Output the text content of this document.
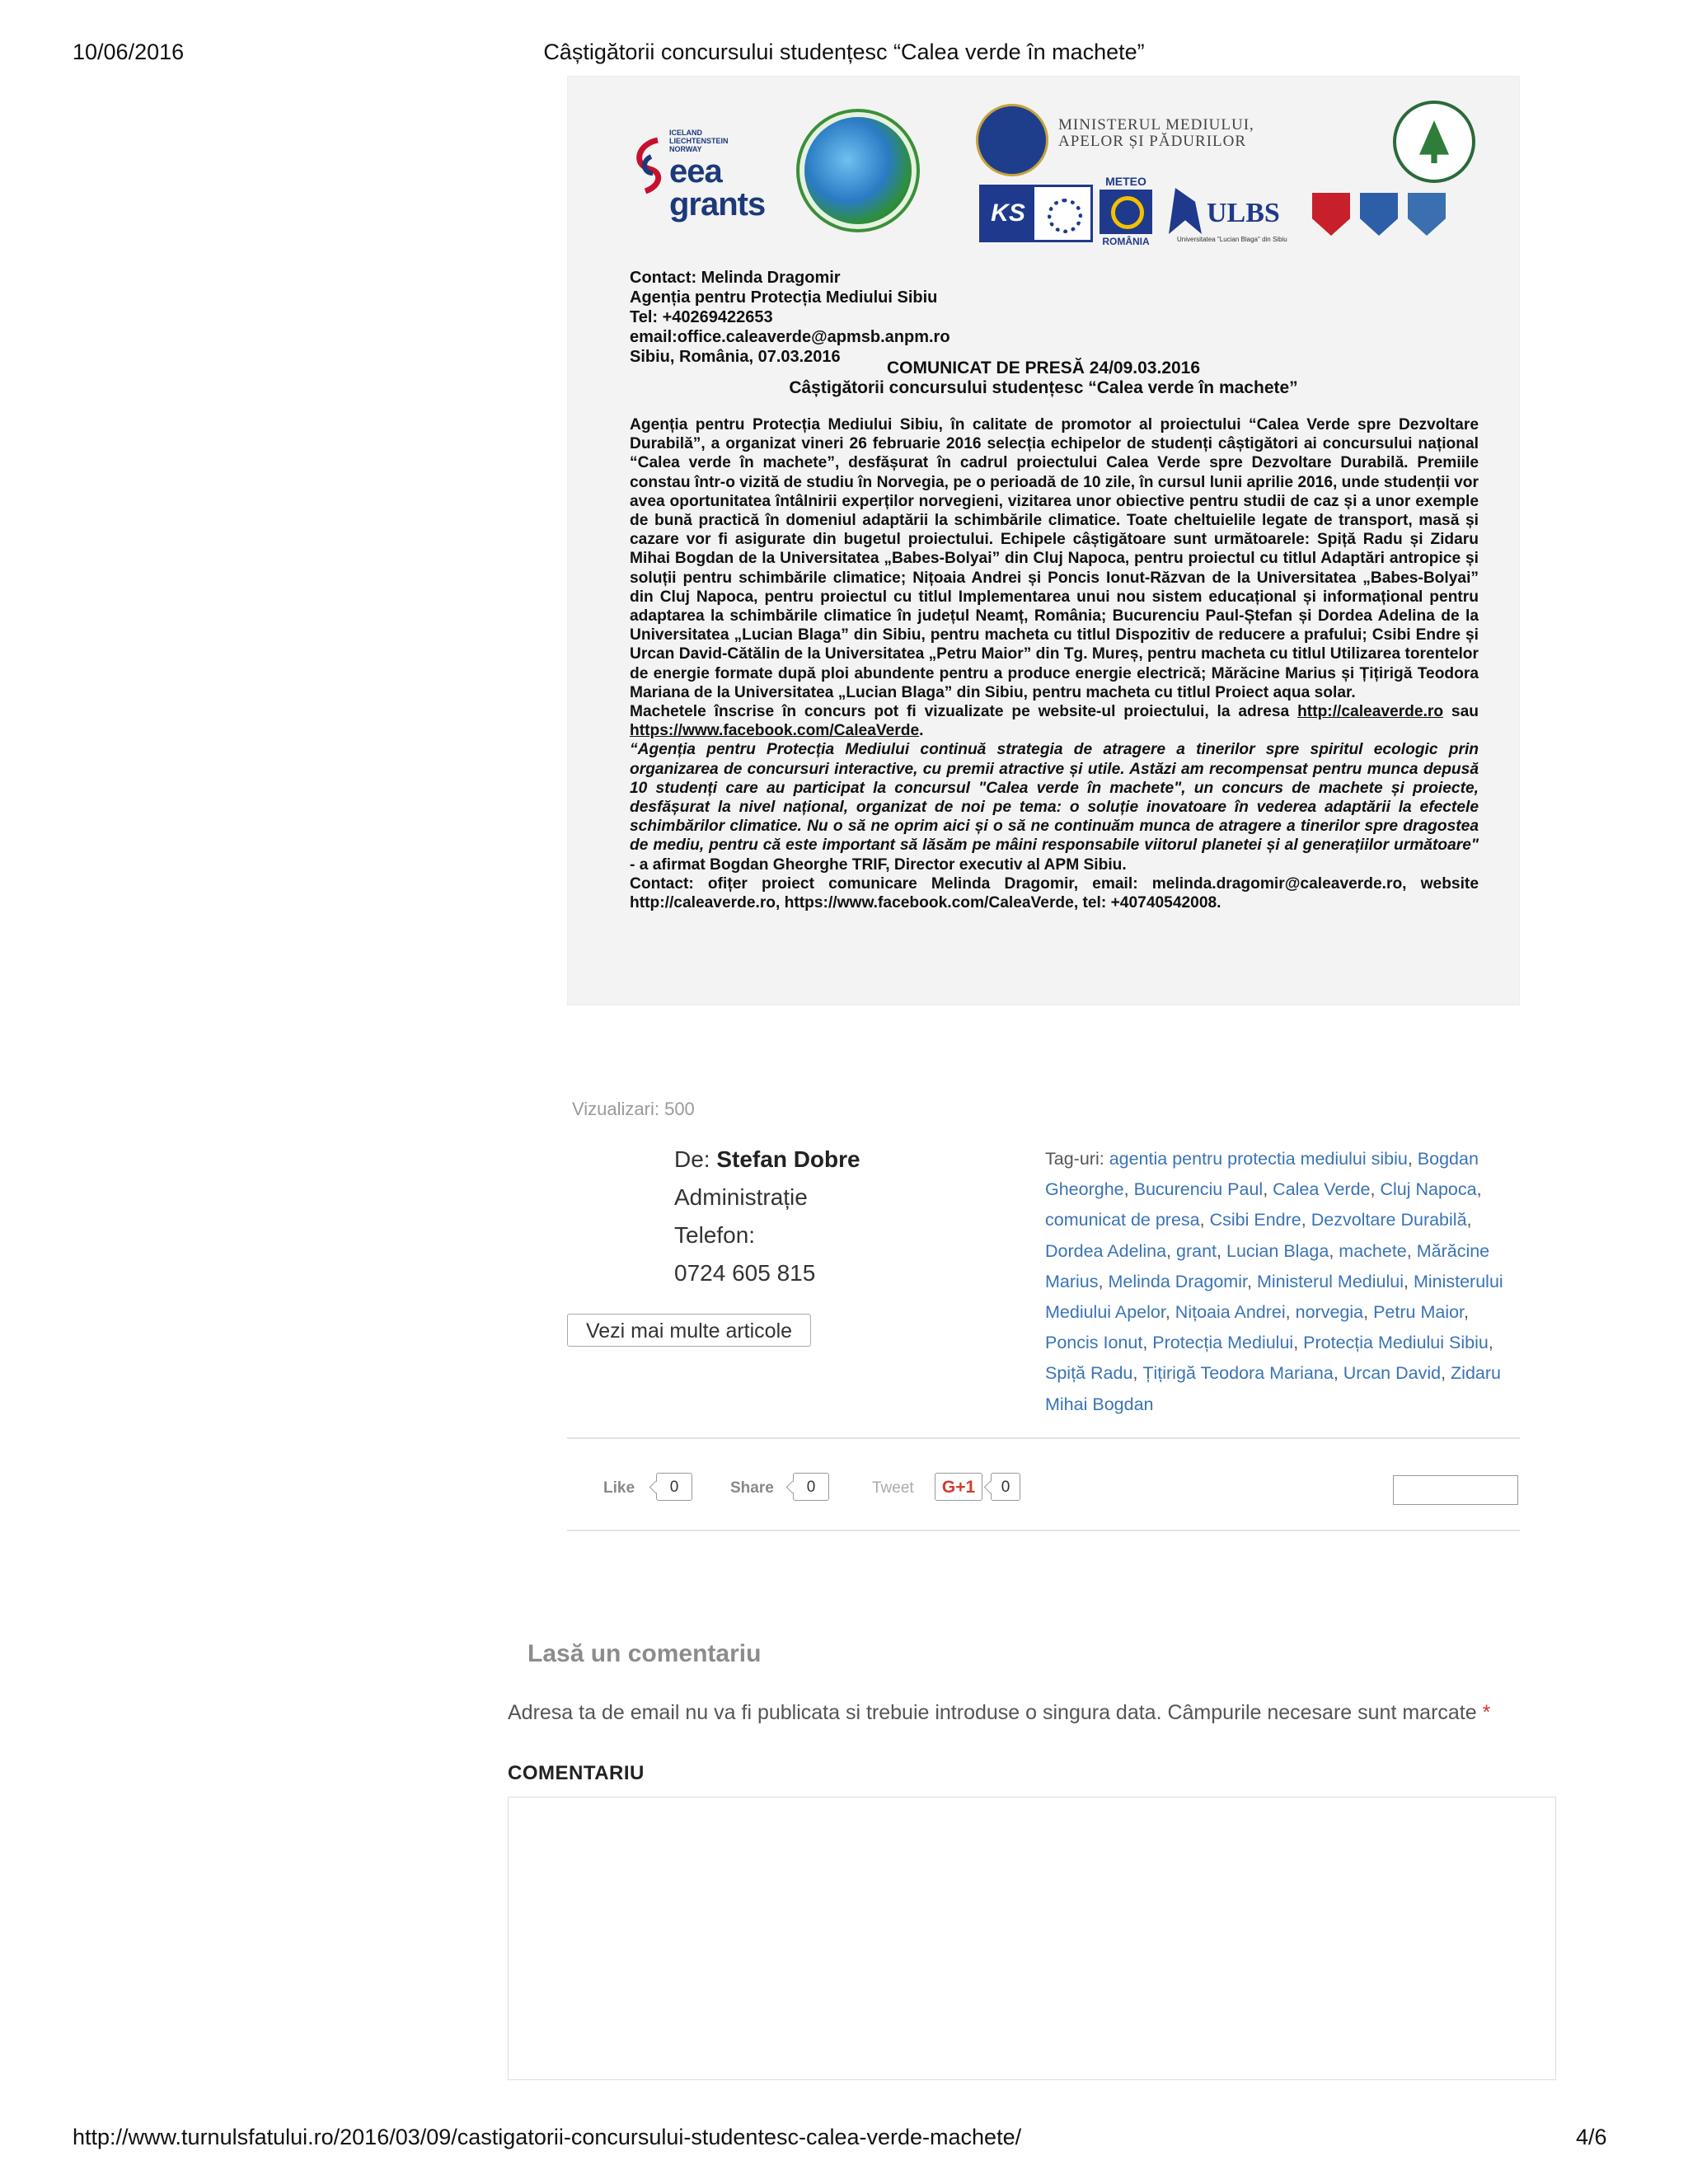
10/06/2016	Câștigătorii concursului studențesc “Calea verde în machete”
ICELAND
LIECHTENSTEIN
NORWAY
eea
grants
MINISTERUL MEDIULUI,
APELOR ȘI PĂDURILOR
KS
METEO
ROMÂNIA
ULBS
Universitatea "Lucian Blaga" din Sibiu
Contact: Melinda Dragomir
Agenția pentru Protecția Mediului Sibiu
Tel: +40269422653
email:office.caleaverde@apmsb.anpm.ro
Sibiu, România, 07.03.2016
COMUNICAT DE PRESĂ 24/09.03.2016
Câștigătorii concursului studențesc “Calea verde în machete”

Agenția pentru Protecția Mediului Sibiu, în calitate de promotor al proiectului “Calea Verde spre Dezvoltare Durabilă”, a organizat vineri 26 februarie 2016 selecția echipelor de studenți câștigători ai concursului național “Calea verde în machete”, desfășurat în cadrul proiectului Calea Verde spre Dezvoltare Durabilă. Premiile constau într-o vizită de studiu în Norvegia, pe o perioadă de 10 zile, în cursul lunii aprilie 2016, unde studenții vor avea oportunitatea întâlnirii experților norvegieni, vizitarea unor obiective pentru studii de caz și a unor exemple de bună practică în domeniul adaptării la schimbările climatice. Toate cheltuielile legate de transport, masă și cazare vor fi asigurate din bugetul proiectului. Echipele câștigătoare sunt următoarele: Spiță Radu și Zidaru Mihai Bogdan de la Universitatea „Babes-Bolyai” din Cluj Napoca, pentru proiectul cu titlul Adaptări antropice și soluții pentru schimbările climatice; Nițoaia Andrei și Poncis Ionut-Răzvan de la Universitatea „Babes-Bolyai” din Cluj Napoca, pentru proiectul cu titlul Implementarea unui nou sistem educațional și informațional pentru adaptarea la schimbările climatice în județul Neamț, România; Bucurenciu Paul-Ștefan și Dordea Adelina de la Universitatea „Lucian Blaga” din Sibiu, pentru macheta cu titlul Dispozitiv de reducere a prafului; Csibi Endre și Urcan David-Cătălin de la Universitatea „Petru Maior” din Tg. Mureș, pentru macheta cu titlul Utilizarea torentelor de energie formate după ploi abundente pentru a produce energie electrică; Mărăcine Marius și Țițirigă Teodora Mariana de la Universitatea „Lucian Blaga” din Sibiu, pentru macheta cu titlul Proiect aqua solar.

Machetele înscrise în concurs pot fi vizualizate pe website-ul proiectului, la adresa http://caleaverde.ro sau https://www.facebook.com/CaleaVerde.

“Agenția pentru Protecția Mediului continuă strategia de atragere a tinerilor spre spiritul ecologic prin organizarea de concursuri interactive, cu premii atractive și utile. Astăzi am recompensat pentru munca depusă 10 studenți care au participat la concursul "Calea verde în machete", un concurs de machete și proiecte, desfășurat la nivel național, organizat de noi pe tema: o soluție inovatoare în vederea adaptării la efectele schimbărilor climatice. Nu o să ne oprim aici și o să ne continuăm munca de atragere a tinerilor spre dragostea de mediu, pentru că este important să lăsăm pe mâini responsabile viitorul planetei și al generațiilor următoare" - a afirmat Bogdan Gheorghe TRIF, Director executiv al APM Sibiu.

Contact: ofițer proiect comunicare Melinda Dragomir, email: melinda.dragomir@caleaverde.ro, website http://caleaverde.ro, https://www.facebook.com/CaleaVerde, tel: +40740542008.

Vizualizari: 500
De: Stefan Dobre
Administrație
Telefon:
0724 605 815
Vezi mai multe articole
Tag-uri: agentia pentru protectia mediului sibiu, Bogdan Gheorghe, Bucurenciu Paul, Calea Verde, Cluj Napoca, comunicat de presa, Csibi Endre, Dezvoltare Durabilă, Dordea Adelina, grant, Lucian Blaga, machete, Mărăcine Marius, Melinda Dragomir, Ministerul Mediului, Ministerului Mediului Apelor, Nițoaia Andrei, norvegia, Petru Maior, Poncis Ionut, Protecția Mediului, Protecția Mediului Sibiu, Spiță Radu, Țițirigă Teodora Mariana, Urcan David, Zidaru Mihai Bogdan
Like	0	Share	0	Tweet	G+1	0
Lasă un comentariu
Adresa ta de email nu va fi publicata si trebuie introduse o singura data. Câmpurile necesare sunt marcate *
COMENTARIU
http://www.turnulsfatului.ro/2016/03/09/castigatorii-concursului-studentesc-calea-verde-machete/	4/6
